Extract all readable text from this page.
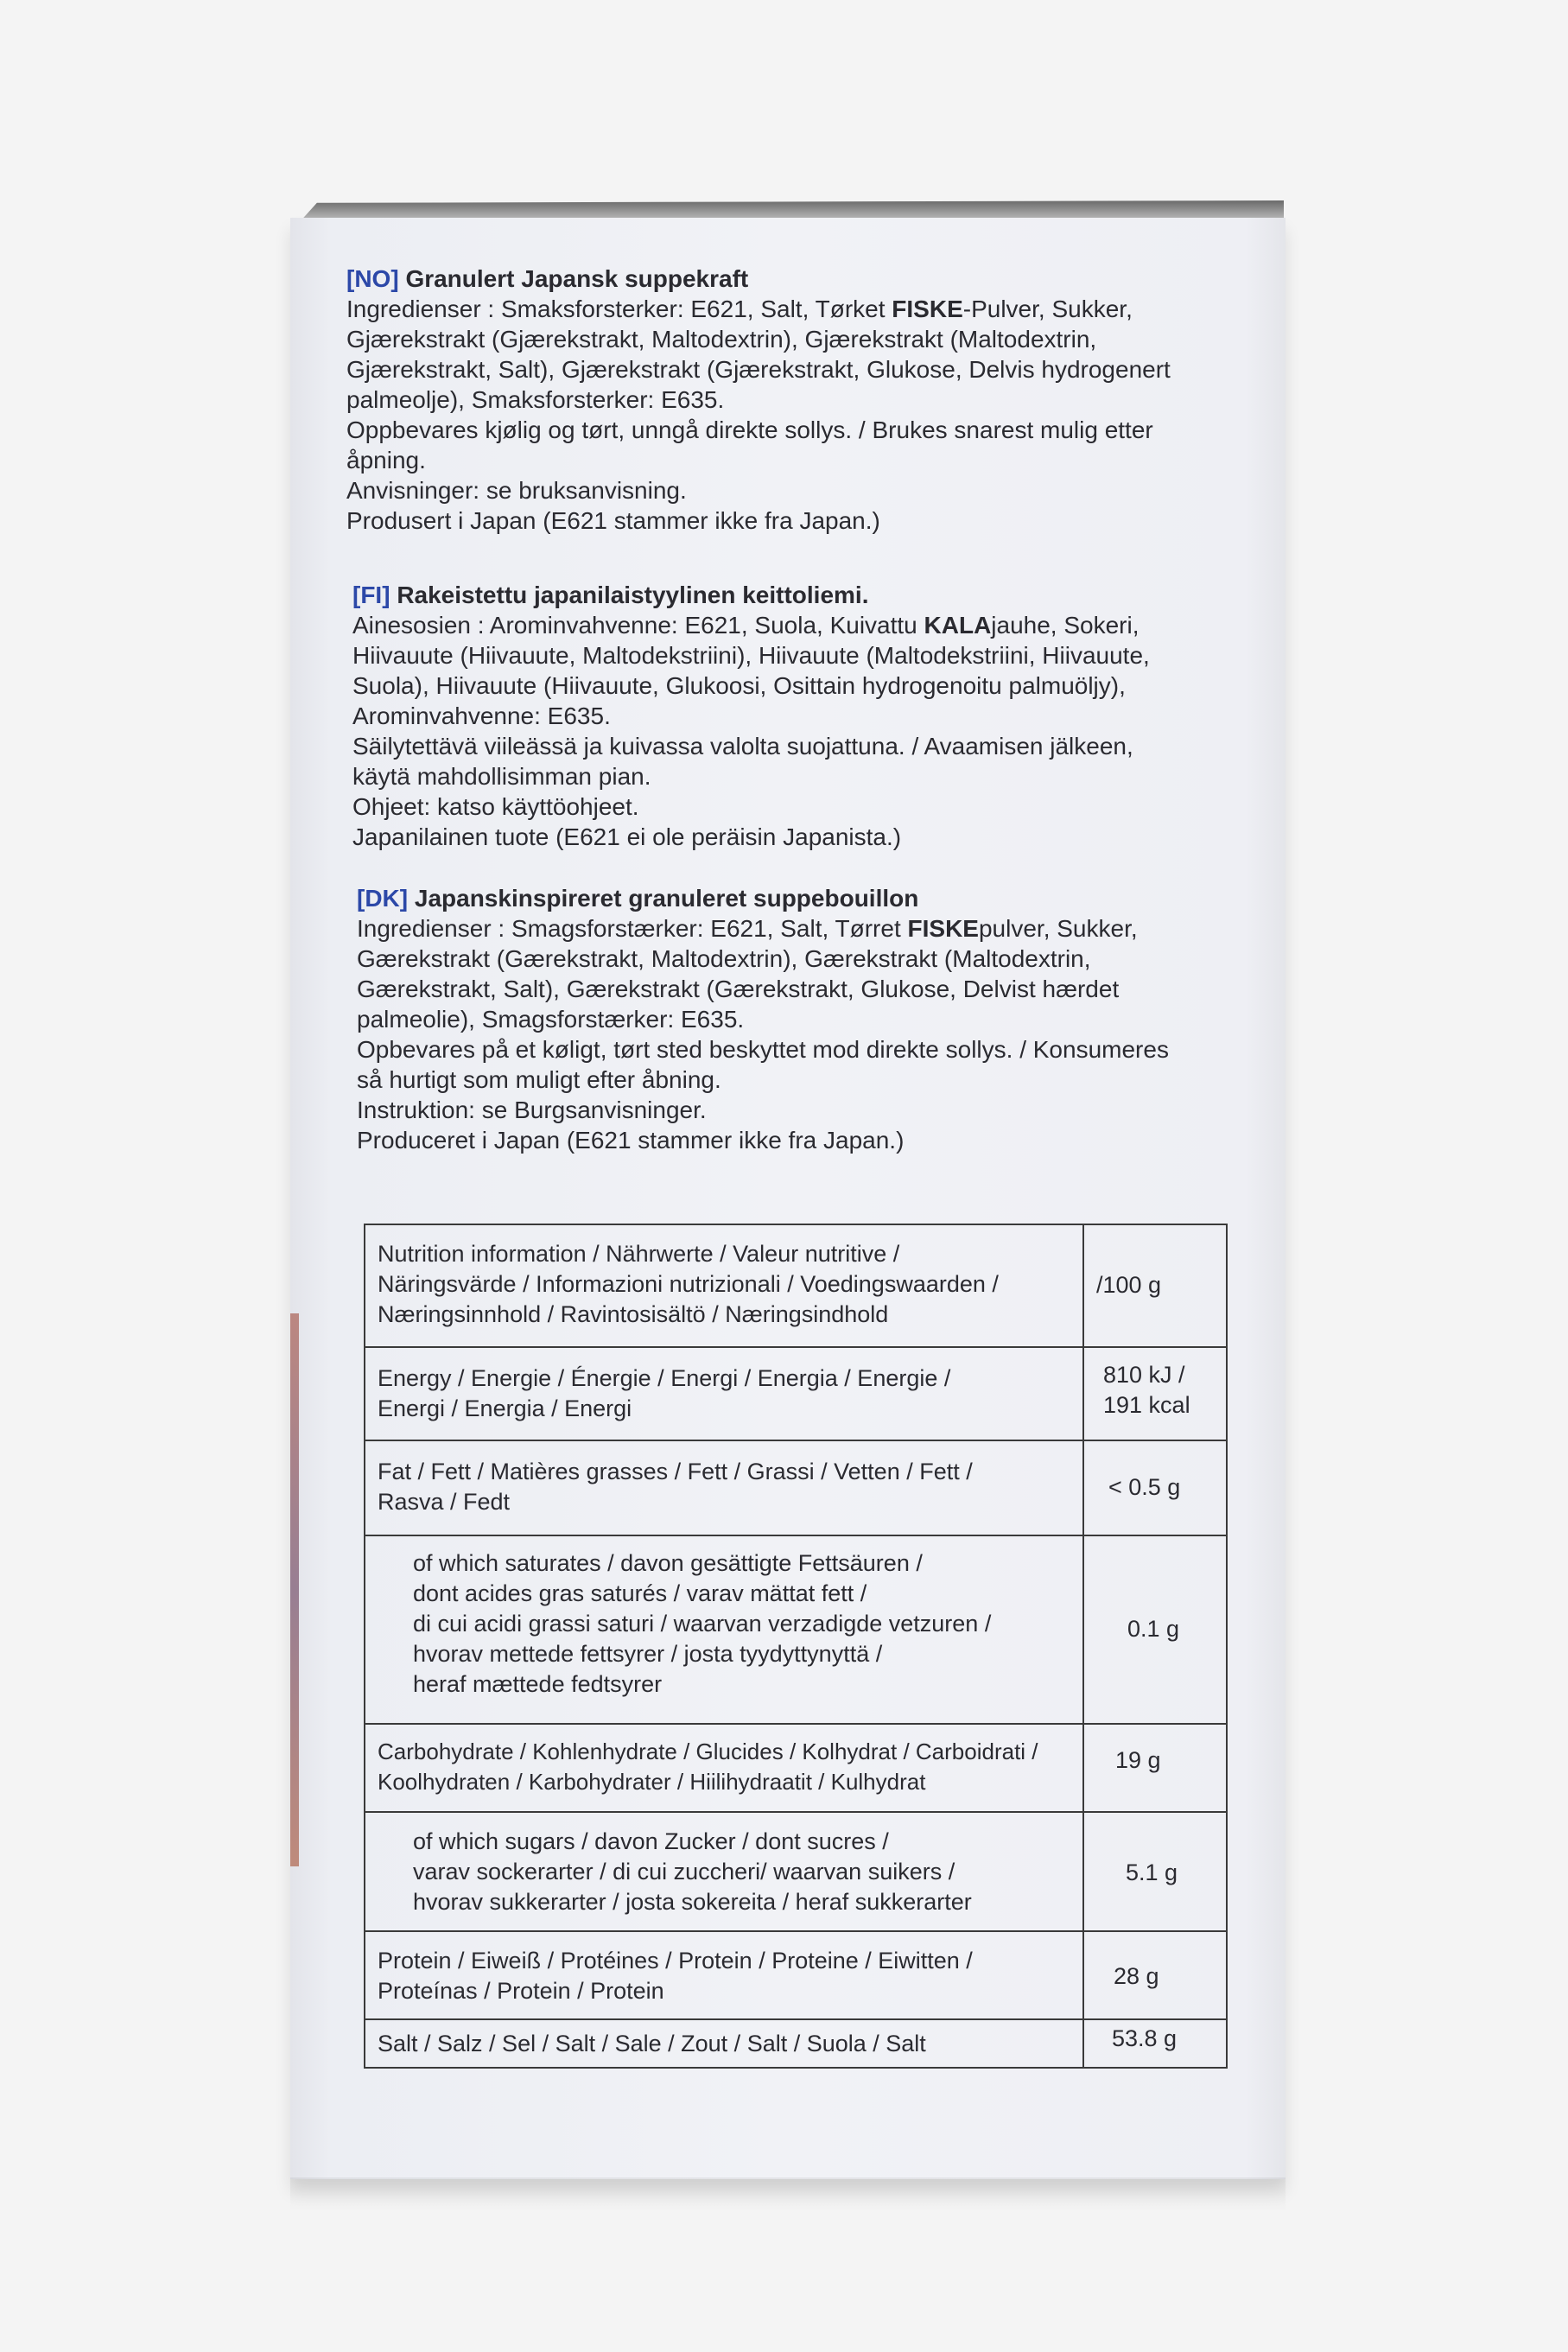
[NO] Granulert Japansk suppekraft

Ingredienser : Smaksforsterker: E621, Salt, Tørket FISKE-Pulver, Sukker,

Gjærekstrakt (Gjærekstrakt, Maltodextrin), Gjærekstrakt (Maltodextrin,

Gjærekstrakt, Salt), Gjærekstrakt (Gjærekstrakt, Glukose, Delvis hydrogenert

palmeolje), Smaksforsterker: E635.

Oppbevares kjølig og tørt, unngå direkte sollys. / Brukes snarest mulig etter

åpning.

Anvisninger: se bruksanvisning.

Produsert i Japan (E621 stammer ikke fra Japan.)

[FI] Rakeistettu japanilaistyylinen keittoliemi.

Ainesosien : Arominvahvenne: E621, Suola, Kuivattu KALAjauhe, Sokeri,

Hiivauute (Hiivauute, Maltodekstriini), Hiivauute (Maltodekstriini, Hiivauute,

Suola), Hiivauute (Hiivauute, Glukoosi, Osittain hydrogenoitu palmuöljy),

Arominvahvenne: E635.

Säilytettävä viileässä ja kuivassa valolta suojattuna. / Avaamisen jälkeen,

käytä mahdollisimman pian.

Ohjeet: katso käyttöohjeet.

Japanilainen tuote (E621 ei ole peräisin Japanista.)

[DK] Japanskinspireret granuleret suppebouillon

Ingredienser : Smagsforstærker: E621, Salt, Tørret FISKEpulver, Sukker,

Gærekstrakt (Gærekstrakt, Maltodextrin), Gærekstrakt (Maltodextrin,

Gærekstrakt, Salt), Gærekstrakt (Gærekstrakt, Glukose, Delvist hærdet

palmeolie), Smagsforstærker: E635.

Opbevares på et køligt, tørt sted beskyttet mod direkte sollys. / Konsumeres

så hurtigt som muligt efter åbning.

Instruktion: se Burgsanvisninger.

Produceret i Japan (E621 stammer ikke fra Japan.)

Nutrition information / Nährwerte / Valeur nutritive /
Näringsvärde / Informazioni nutrizionali / Voedingswaarden /
Næringsinnhold / Ravintosisältö / Næringsindhold
/100 g
Energy / Energie / Énergie / Energi / Energia / Energie /
Energi / Energia / Energi
810 kJ /
191 kcal
Fat / Fett / Matières grasses / Fett / Grassi / Vetten / Fett /
Rasva / Fedt
< 0.5 g
of which saturates / davon gesättigte Fettsäuren /
dont acides gras saturés / varav mättat fett /
di cui acidi grassi saturi / waarvan verzadigde vetzuren /
hvorav mettede fettsyrer / josta tyydyttynyttä /
heraf mættede fedtsyrer
0.1 g
Carbohydrate / Kohlenhydrate / Glucides / Kolhydrat / Carboidrati /
Koolhydraten / Karbohydrater / Hiilihydraatit / Kulhydrat
19 g
of which sugars / davon Zucker / dont sucres /
varav sockerarter / di cui zuccheri/ waarvan suikers /
hvorav sukkerarter / josta sokereita / heraf sukkerarter
5.1 g
Protein / Eiweiß / Protéines / Protein / Proteine / Eiwitten /
Proteínas / Protein / Protein
28 g
Salt / Salz / Sel / Salt / Sale / Zout / Salt / Suola / Salt	53.8 g
